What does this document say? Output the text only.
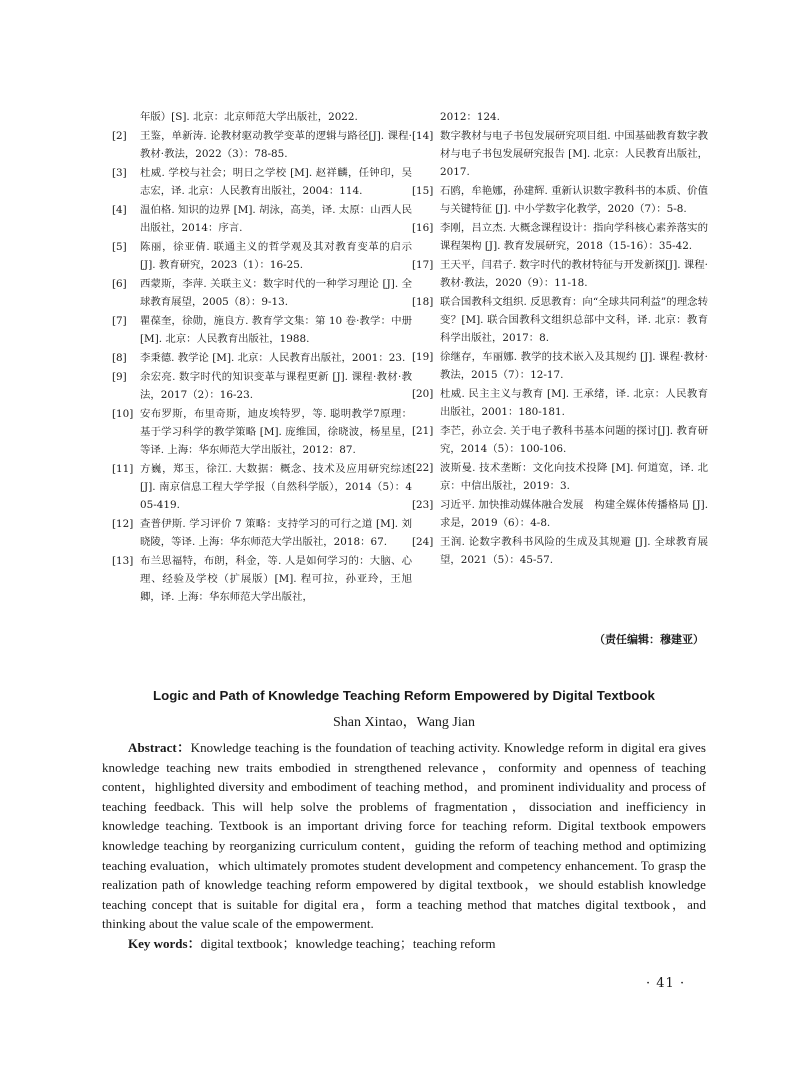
年版）[S]. 北京：北京师范大学出版社，2022.
[2]	王鉴，单新涛. 论教材驱动教学变革的逻辑与路径[J]. 课程·教材·教法，2022（3）：78-85.
[3]	杜威. 学校与社会；明日之学校 [M]. 赵祥麟，任钟印，吴志宏，译. 北京：人民教育出版社，2004：114.
[4]	温伯格. 知识的边界 [M]. 胡泳，高美，译. 太原：山西人民出版社，2014：序言.
[5]	陈丽，徐亚倩. 联通主义的哲学观及其对教育变革的启示 [J]. 教育研究，2023（1）：16-25.
[6]	西蒙斯，李萍. 关联主义：数字时代的一种学习理论 [J]. 全球教育展望，2005（8）：9-13.
[7]	瞿葆奎，徐勋，施良方. 教育学文集：第 10 卷·教学：中册 [M]. 北京：人民教育出版社，1988.
[8]	李秉德. 教学论 [M]. 北京：人民教育出版社，2001：23.
[9]	余宏亮. 数字时代的知识变革与课程更新 [J]. 课程·教材·教法，2017（2）：16-23.
[10] 安布罗斯，布里奇斯，迪皮埃特罗，等. 聪明教学7原理：基于学习科学的教学策略 [M]. 庞维国，徐晓波，杨星星，等译. 上海：华东师范大学出版社，2012：87.
[11] 方巍，郑玉，徐江. 大数据：概念、技术及应用研究综述 [J]. 南京信息工程大学学报（自然科学版），2014（5）：405-419.
[12] 查普伊斯. 学习评价 7 策略：支持学习的可行之道 [M]. 刘晓陵，等译. 上海：华东师范大学出版社，2018：67.
[13] 布兰思福特，布朗，科金，等. 人是如何学习的：大脑、心理、经验及学校（扩展版）[M]. 程可拉，孙亚玲，王旭卿，译. 上海：华东师范大学出版社，
2012：124.
[14] 数字教材与电子书包发展研究项目组. 中国基础教育数字教材与电子书包发展研究报告 [M]. 北京：人民教育出版社，2017.
[15] 石鸥，牟艳娜，孙建辉. 重新认识数字教科书的本质、价值与关键特征 [J]. 中小学数字化教学，2020（7）：5-8.
[16] 李刚，吕立杰. 大概念课程设计：指向学科核心素养落实的课程架构 [J]. 教育发展研究，2018（15-16）：35-42.
[17] 王天平，闫君子. 数字时代的教材特征与开发新探[J]. 课程·教材·教法，2020（9）：11-18.
[18] 联合国教科文组织. 反思教育：向“全球共同利益”的理念转变？[M]. 联合国教科文组织总部中文科，译. 北京：教育科学出版社，2017：8.
[19] 徐继存，车丽娜. 教学的技术嵌入及其规约 [J]. 课程·教材·教法，2015（7）：12-17.
[20] 杜威. 民主主义与教育 [M]. 王承绪，译. 北京：人民教育出版社，2001：180-181.
[21] 李芒，孙立会. 关于电子教科书基本问题的探讨[J]. 教育研究，2014（5）：100-106.
[22] 波斯曼. 技术垄断：文化向技术投降 [M]. 何道宽，译. 北京：中信出版社，2019：3.
[23] 习近平. 加快推动媒体融合发展　构建全媒体传播格局 [J]. 求是，2019（6）：4-8.
[24] 王润. 论数字教科书风险的生成及其规避 [J]. 全球教育展望，2021（5）：45-57.
（责任编辑：穆建亚）
Logic and Path of Knowledge Teaching Reform Empowered by Digital Textbook
Shan Xintao，Wang Jian

Abstract：Knowledge teaching is the foundation of teaching activity. Knowledge reform in digital era gives knowledge teaching new traits embodied in strengthened relevance，conformity and openness of teaching content，highlighted diversity and embodiment of teaching method，and prominent individuality and process of teaching feedback. This will help solve the problems of fragmentation，dissociation and inefficiency in knowledge teaching. Textbook is an important driving force for teaching reform. Digital textbook empowers knowledge teaching by reorganizing curriculum content，guiding the reform of teaching method and optimizing teaching evaluation，which ultimately promotes student development and competency enhancement. To grasp the realization path of knowledge teaching reform empowered by digital textbook，we should establish knowledge teaching concept that is suitable for digital era，form a teaching method that matches digital textbook，and thinking about the value scale of the empowerment.

Key words：digital textbook；knowledge teaching；teaching reform

· 41 ·
